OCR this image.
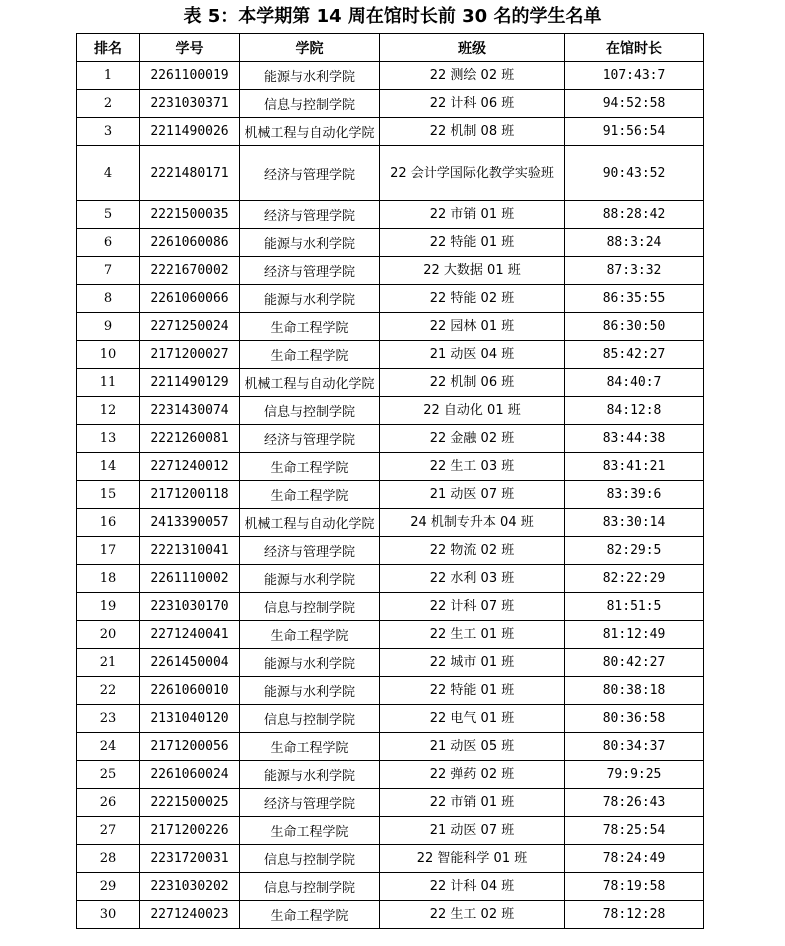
表 5：本学期第 14 周在馆时长前 30 名的学生名单
排名	学号	学院	班级	在馆时长
1	2261100019	能源与水利学院	22 测绘 02 班	107:43:7
2	2231030371	信息与控制学院	22 计科 06 班	94:52:58
3	2211490026	机械工程与自动化学院	22 机制 08 班	91:56:54
4	2221480171	经济与管理学院	22 会计学国际化教学实验班	90:43:52
5	2221500035	经济与管理学院	22 市销 01 班	88:28:42
6	2261060086	能源与水利学院	22 特能 01 班	88:3:24
7	2221670002	经济与管理学院	22 大数据 01 班	87:3:32
8	2261060066	能源与水利学院	22 特能 02 班	86:35:55
9	2271250024	生命工程学院	22 园林 01 班	86:30:50
10	2171200027	生命工程学院	21 动医 04 班	85:42:27
11	2211490129	机械工程与自动化学院	22 机制 06 班	84:40:7
12	2231430074	信息与控制学院	22 自动化 01 班	84:12:8
13	2221260081	经济与管理学院	22 金融 02 班	83:44:38
14	2271240012	生命工程学院	22 生工 03 班	83:41:21
15	2171200118	生命工程学院	21 动医 07 班	83:39:6
16	2413390057	机械工程与自动化学院	24 机制专升本 04 班	83:30:14
17	2221310041	经济与管理学院	22 物流 02 班	82:29:5
18	2261110002	能源与水利学院	22 水利 03 班	82:22:29
19	2231030170	信息与控制学院	22 计科 07 班	81:51:5
20	2271240041	生命工程学院	22 生工 01 班	81:12:49
21	2261450004	能源与水利学院	22 城市 01 班	80:42:27
22	2261060010	能源与水利学院	22 特能 01 班	80:38:18
23	2131040120	信息与控制学院	22 电气 01 班	80:36:58
24	2171200056	生命工程学院	21 动医 05 班	80:34:37
25	2261060024	能源与水利学院	22 弹药 02 班	79:9:25
26	2221500025	经济与管理学院	22 市销 01 班	78:26:43
27	2171200226	生命工程学院	21 动医 07 班	78:25:54
28	2231720031	信息与控制学院	22 智能科学 01 班	78:24:49
29	2231030202	信息与控制学院	22 计科 04 班	78:19:58
30	2271240023	生命工程学院	22 生工 02 班	78:12:28
